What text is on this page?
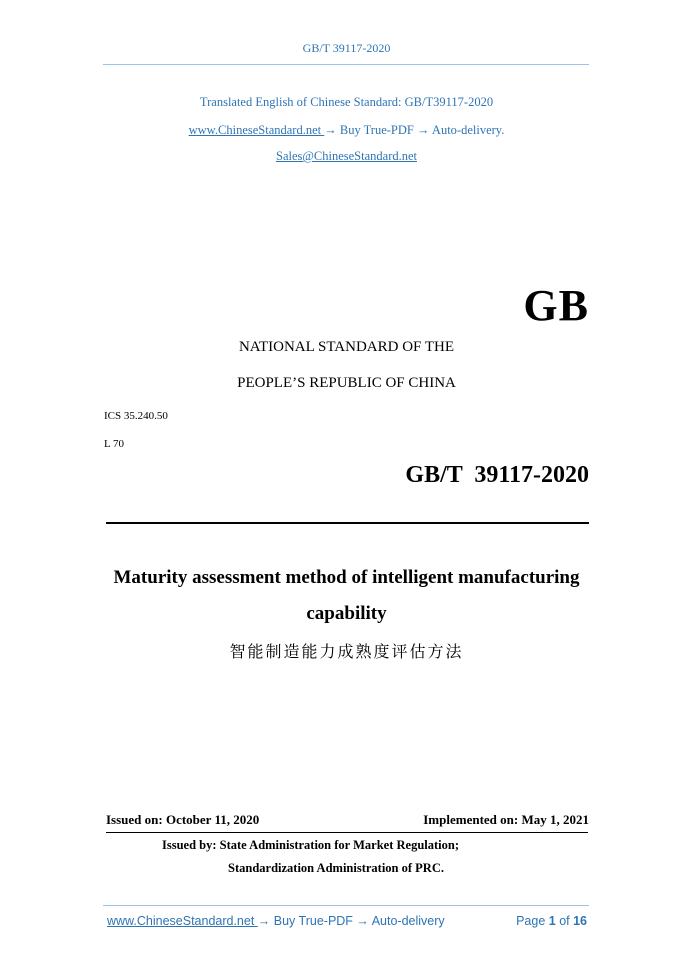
GB/T 39117-2020
Translated English of Chinese Standard: GB/T39117-2020
www.ChineseStandard.net → Buy True-PDF → Auto-delivery.
Sales@ChineseStandard.net
GB
NATIONAL STANDARD OF THE
PEOPLE’S REPUBLIC OF CHINA
ICS 35.240.50
L 70
GB/T  39117-2020
Maturity assessment method of intelligent manufacturing
capability
智能制造能力成熟度评估方法
Issued on: October 11, 2020	Implemented on: May 1, 2021
Issued by: State Administration for Market Regulation;
Standardization Administration of PRC.
www.ChineseStandard.net → Buy True-PDF → Auto-delivery	Page 1 of 16
